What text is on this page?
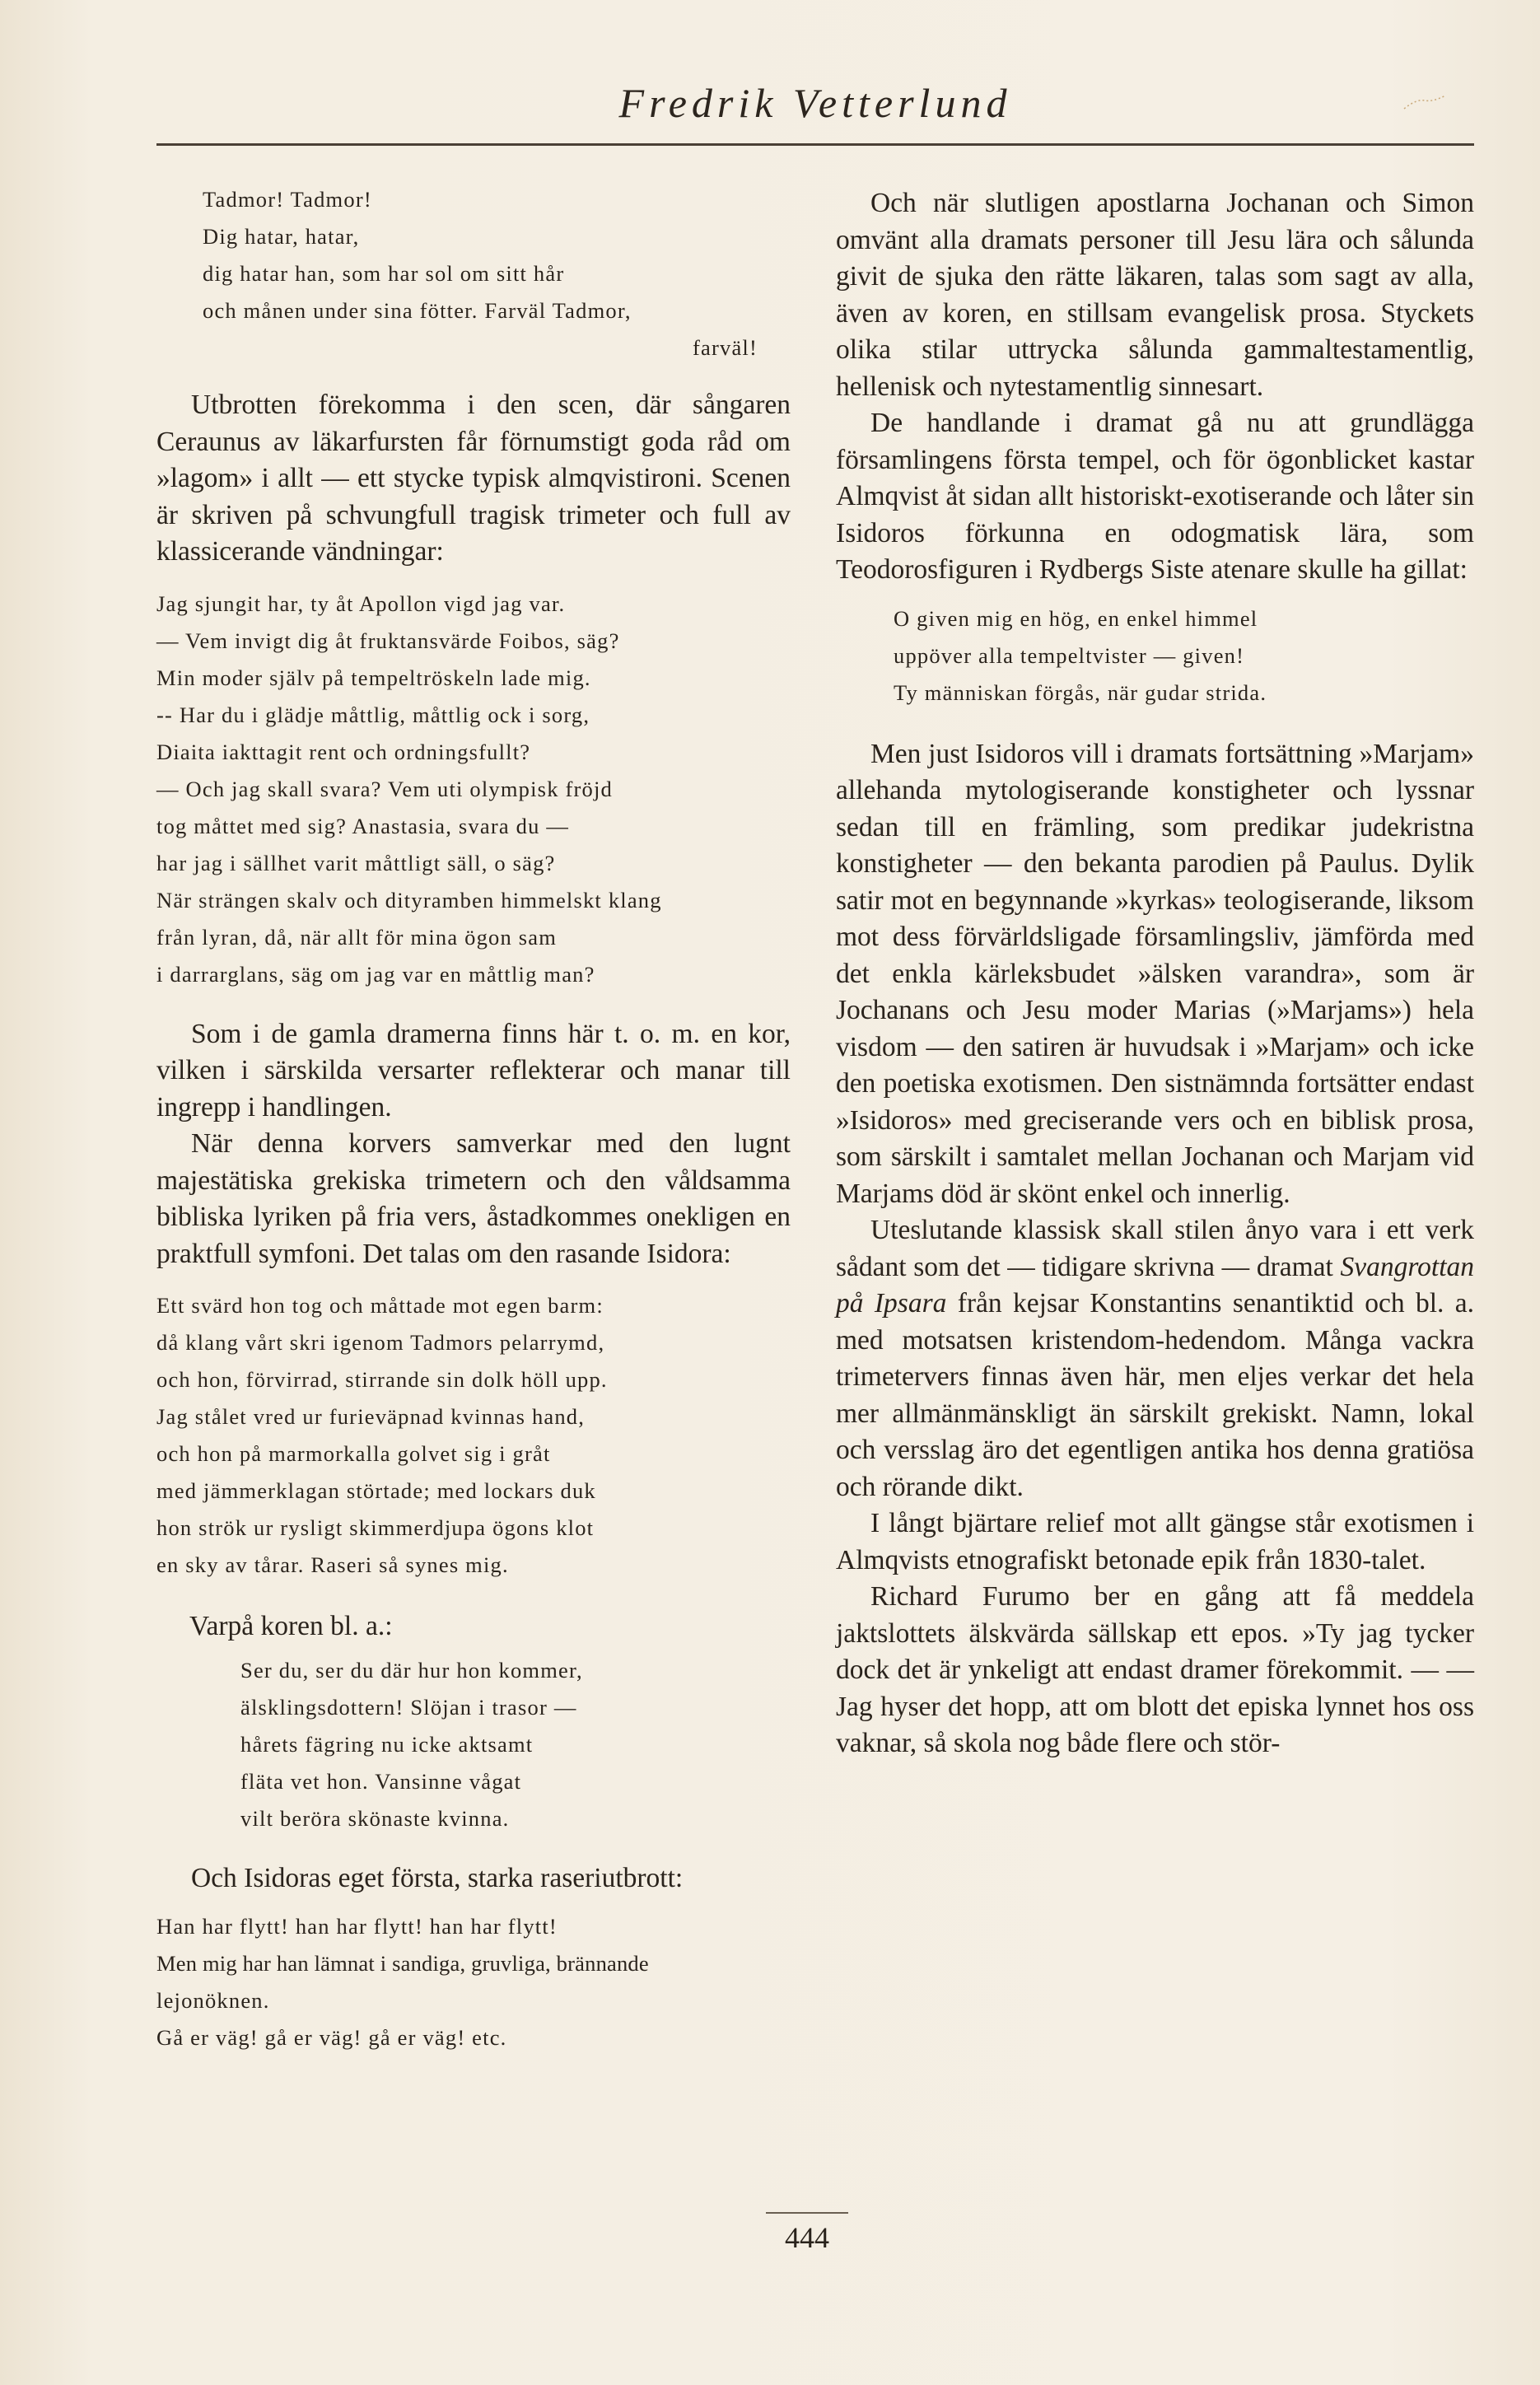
Fredrik Vetterlund
Tadmor! Tadmor!
Dig hatar, hatar,
dig hatar han, som har sol om sitt hår
och månen under sina fötter. Farväl Tadmor,
farväl!

Utbrotten förekomma i den scen, där sångaren Ceraunus av läkarfursten får förnumstigt goda råd om »lagom» i allt — ett stycke typisk almqvistironi. Scenen är skriven på schvungfull tragisk trimeter och full av klassicerande vändningar:

Jag sjungit har, ty åt Apollon vigd jag var.
— Vem invigt dig åt fruktansvärde Foibos, säg?
Min moder själv på tempeltröskeln lade mig.
-- Har du i glädje måttlig, måttlig ock i sorg,
Diaita iakttagit rent och ordningsfullt?
— Och jag skall svara? Vem uti olympisk fröjd
tog måttet med sig? Anastasia, svara du —
har jag i sällhet varit måttligt säll, o säg?
När strängen skalv och dityramben himmelskt klang
från lyran, då, när allt för mina ögon sam
i darrarglans, säg om jag var en måttlig man?

Som i de gamla dramerna finns här t. o. m. en kor, vilken i särskilda versarter reflekterar och manar till ingrepp i handlingen.

När denna korvers samverkar med den lugnt majestätiska grekiska trimetern och den våldsamma bibliska lyriken på fria vers, åstadkommes onekligen en praktfull symfoni. Det talas om den rasande Isidora:

Ett svärd hon tog och måttade mot egen barm:
då klang vårt skri igenom Tadmors pelarrymd,
och hon, förvirrad, stirrande sin dolk höll upp.
Jag stålet vred ur furieväpnad kvinnas hand,
och hon på marmorkalla golvet sig i gråt
med jämmerklagan störtade; med lockars duk
hon strök ur rysligt skimmerdjupa ögons klot
en sky av tårar. Raseri så synes mig.

Varpå koren bl. a.:

Ser du, ser du där hur hon kommer,
älsklingsdottern! Slöjan i trasor —
hårets fägring nu icke aktsamt
fläta vet hon. Vansinne vågat
vilt beröra skönaste kvinna.

Och Isidoras eget första, starka raseriutbrott:

Han har flytt! han har flytt! han har flytt!
Men mig har han lämnat i sandiga, gruvliga, brännande
lejonöknen.
Gå er väg! gå er väg! gå er väg! etc.

Och när slutligen apostlarna Jochanan och Simon omvänt alla dramats personer till Jesu lära och sålunda givit de sjuka den rätte läkaren, talas som sagt av alla, även av koren, en stillsam evangelisk prosa. Styckets olika stilar uttrycka sålunda gammaltestamentlig, hellenisk och nytestamentlig sinnesart.

De handlande i dramat gå nu att grundlägga församlingens första tempel, och för ögonblicket kastar Almqvist åt sidan allt historiskt-exotiserande och låter sin Isidoros förkunna en odogmatisk lära, som Teodorosfiguren i Rydbergs Siste atenare skulle ha gillat:

O given mig en hög, en enkel himmel
uppöver alla tempeltvister — given!
Ty människan förgås, när gudar strida.

Men just Isidoros vill i dramats fortsättning »Marjam» allehanda mytologiserande konstigheter och lyssnar sedan till en främling, som predikar judekristna konstigheter — den bekanta parodien på Paulus. Dylik satir mot en begynnande »kyrkas» teologiserande, liksom mot dess förvärldsligade församlingsliv, jämförda med det enkla kärleksbudet »älsken varandra», som är Jochanans och Jesu moder Marias (»Marjams») hela visdom — den satiren är huvudsak i »Marjam» och icke den poetiska exotismen. Den sistnämnda fortsätter endast »Isidoros» med greciserande vers och en biblisk prosa, som särskilt i samtalet mellan Jochanan och Marjam vid Marjams död är skönt enkel och innerlig.

Uteslutande klassisk skall stilen ånyo vara i ett verk sådant som det — tidigare skrivna — dramat Svangrottan på Ipsara från kejsar Konstantins senantiktid och bl. a. med motsatsen kristendom-hedendom. Många vackra trimetervers finnas även här, men eljes verkar det hela mer allmänmänskligt än särskilt grekiskt. Namn, lokal och versslag äro det egentligen antika hos denna gratiösa och rörande dikt.

I långt bjärtare relief mot allt gängse står exotismen i Almqvists etnografiskt betonade epik från 1830-talet.

Richard Furumo ber en gång att få meddela jaktslottets älskvärda sällskap ett epos. »Ty jag tycker dock det är ynkeligt att endast dramer förekommit. — — Jag hyser det hopp, att om blott det episka lynnet hos oss vaknar, så skola nog både flere och stör-

444
